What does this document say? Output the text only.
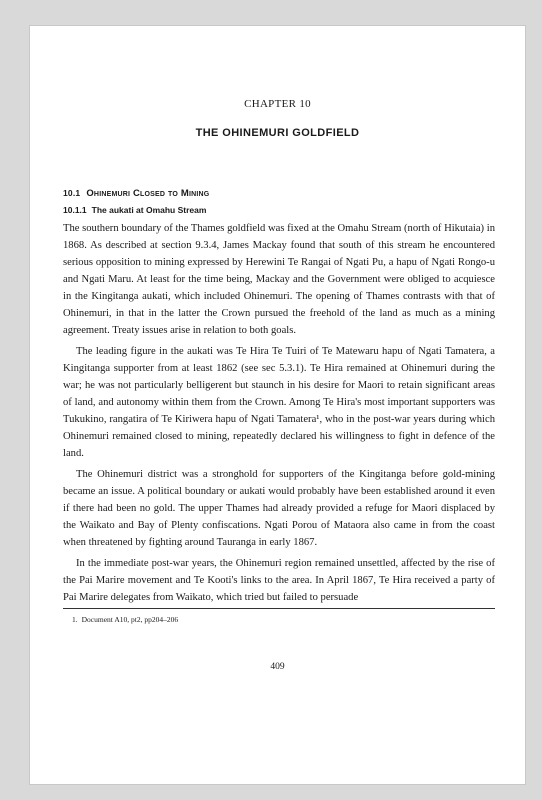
CHAPTER 10
THE OHINEMURI GOLDFIELD
10.1 Ohinemuri Closed to Mining
10.1.1 The aukati at Omahu Stream

The southern boundary of the Thames goldfield was fixed at the Omahu Stream (north of Hikutaia) in 1868. As described at section 9.3.4, James Mackay found that south of this stream he encountered serious opposition to mining expressed by Herewini Te Rangai of Ngati Pu, a hapu of Ngati Rongo-u and Ngati Maru. At least for the time being, Mackay and the Government were obliged to acquiesce in the Kingitanga aukati, which included Ohinemuri. The opening of Thames contrasts with that of Ohinemuri, in that in the latter the Crown pursued the freehold of the land as much as a mining agreement. Treaty issues arise in relation to both goals.

The leading figure in the aukati was Te Hira Te Tuiri of Te Matewaru hapu of Ngati Tamatera, a Kingitanga supporter from at least 1862 (see sec 5.3.1). Te Hira remained at Ohinemuri during the war; he was not particularly belligerent but staunch in his desire for Maori to retain significant areas of land, and autonomy within them from the Crown. Among Te Hira's most important supporters was Tukukino, rangatira of Te Kiriwera hapu of Ngati Tamatera¹, who in the post-war years during which Ohinemuri remained closed to mining, repeatedly declared his willingness to fight in defence of the land.

The Ohinemuri district was a stronghold for supporters of the Kingitanga before gold-mining became an issue. A political boundary or aukati would probably have been established around it even if there had been no gold. The upper Thames had already provided a refuge for Maori displaced by the Waikato and Bay of Plenty confiscations. Ngati Porou of Mataora also came in from the coast when threatened by fighting around Tauranga in early 1867.

In the immediate post-war years, the Ohinemuri region remained unsettled, affected by the rise of the Pai Marire movement and Te Kooti's links to the area. In April 1867, Te Hira received a party of Pai Marire delegates from Waikato, which tried but failed to persuade

1. Document A10, pt2, pp204–206
409
